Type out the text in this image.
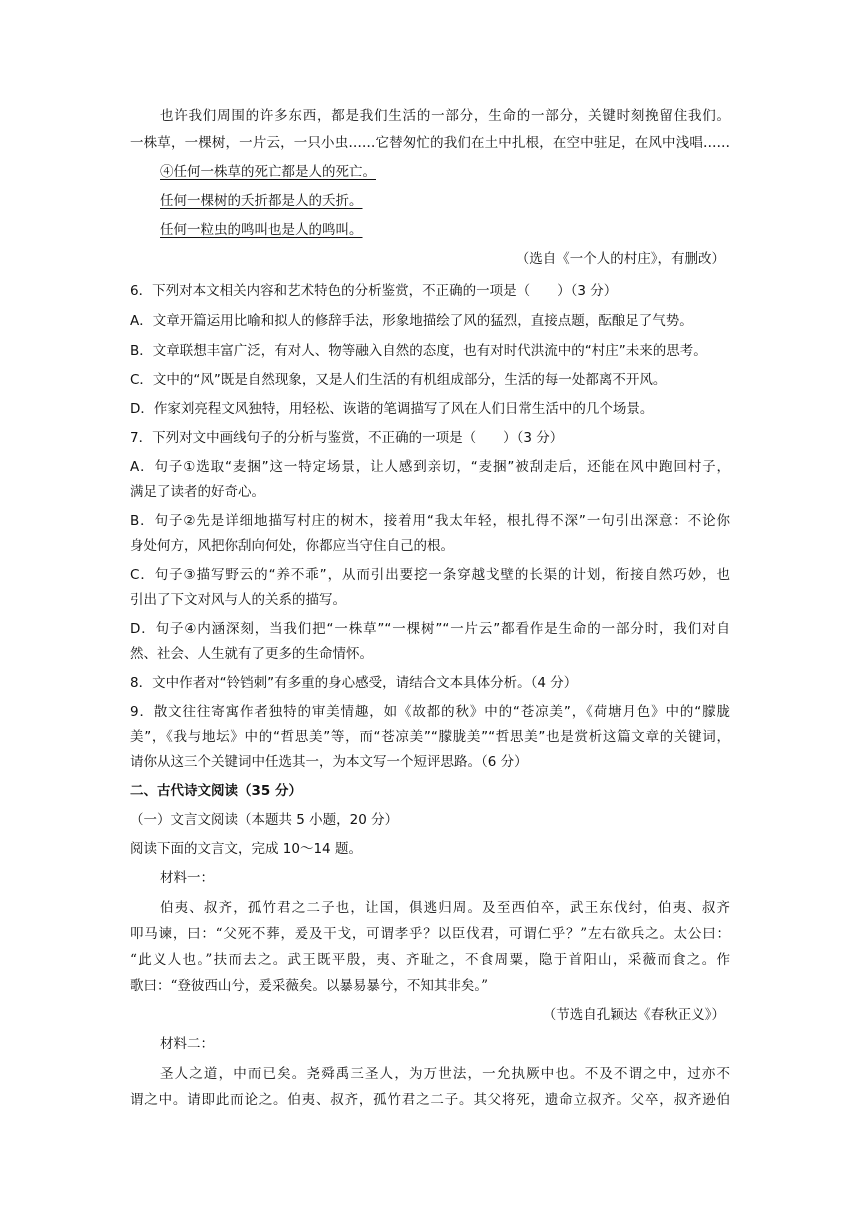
也许我们周围的许多东西，都是我们生活的一部分，生命的一部分，关键时刻挽留住我们。
一株草，一棵树，一片云，一只小虫……它替匆忙的我们在土中扎根，在空中驻足，在风中浅唱……
④任何一株草的死亡都是人的死亡。
任何一棵树的夭折都是人的夭折。
任何一粒虫的鸣叫也是人的鸣叫。
（选自《一个人的村庄》，有删改）
6．下列对本文相关内容和艺术特色的分析鉴赏，不正确的一项是（　　）（3 分）
A．文章开篇运用比喻和拟人的修辞手法，形象地描绘了风的猛烈，直接点题，酝酿足了气势。
B．文章联想丰富广泛，有对人、物等融入自然的态度，也有对时代洪流中的“村庄”未来的思考。
C．文中的“风”既是自然现象，又是人们生活的有机组成部分，生活的每一处都离不开风。
D．作家刘亮程文风独特，用轻松、诙谐的笔调描写了风在人们日常生活中的几个场景。
7．下列对文中画线句子的分析与鉴赏，不正确的一项是（　　）（3 分）
A．句子①选取“麦捆”这一特定场景，让人感到亲切，“麦捆”被刮走后，还能在风中跑回村子，
满足了读者的好奇心。
B．句子②先是详细地描写村庄的树木，接着用“我太年轻，根扎得不深”一句引出深意：不论你
身处何方，风把你刮向何处，你都应当守住自己的根。
C．句子③描写野云的“养不乖”，从而引出要挖一条穿越戈壁的长渠的计划，衔接自然巧妙，也
引出了下文对风与人的关系的描写。
D．句子④内涵深刻，当我们把“一株草”“一棵树”“一片云”都看作是生命的一部分时，我们对自
然、社会、人生就有了更多的生命情怀。
8．文中作者对“铃铛刺”有多重的身心感受，请结合文本具体分析。（4 分）
9．散文往往寄寓作者独特的审美情趣，如《故都的秋》中的“苍凉美”，《荷塘月色》中的“朦胧
美”，《我与地坛》中的“哲思美”等，而“苍凉美”“朦胧美”“哲思美”也是赏析这篇文章的关键词，
请你从这三个关键词中任选其一，为本文写一个短评思路。（6 分）
二、古代诗文阅读（35 分）
（一）文言文阅读（本题共 5 小题，20 分）
阅读下面的文言文，完成 10～14 题。
材料一：
伯夷、叔齐，孤竹君之二子也，让国，俱逃归周。及至西伯卒，武王东伐纣，伯夷、叔齐
叩马谏，曰：“父死不葬，爰及干戈，可谓孝乎？以臣伐君，可谓仁乎？”左右欲兵之。太公曰：
“此义人也。”扶而去之。武王既平殷，夷、齐耻之，不食周粟，隐于首阳山，采薇而食之。作
歌曰：“登彼西山兮，爰采薇矣。以暴易暴兮，不知其非矣。”
（节选自孔颖达《春秋正义》）
材料二：
圣人之道，中而已矣。尧舜禹三圣人，为万世法，一允执厥中也。不及不谓之中，过亦不
谓之中。请即此而论之。伯夷、叔齐，孤竹君之二子。其父将死，遗命立叔齐。父卒，叔齐逊伯
